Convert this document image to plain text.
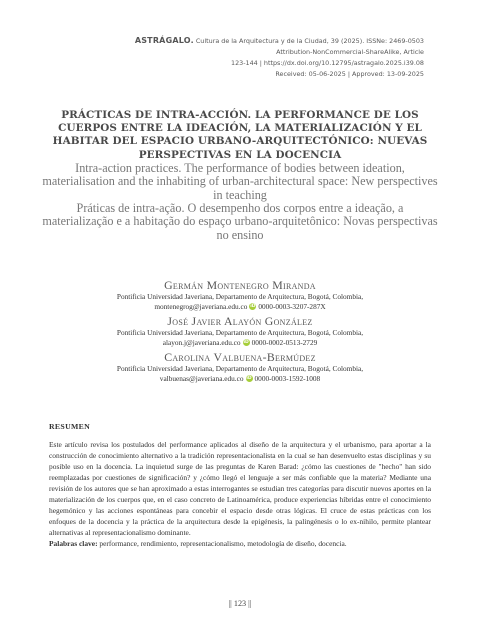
ASTRÁGALO. Cultura de la Arquitectura y de la Ciudad, 39 (2025). ISSNe: 2469-0503
Attribution-NonCommercial-ShareAlike, Article
123-144 | https://dx.doi.org/10.12795/astragalo.2025.i39.08
Received: 05-06-2025 | Approved: 13-09-2025
PRÁCTICAS DE INTRA-ACCIÓN. LA PERFORMANCE DE LOS CUERPOS ENTRE LA IDEACIÓN, LA MATERIALIZACIÓN Y EL HABITAR DEL ESPACIO URBANO-ARQUITECTÓNICO: NUEVAS PERSPECTIVAS EN LA DOCENCIA
Intra-action practices. The performance of bodies between ideation, materialisation and the inhabiting of urban-architectural space: New perspectives in teaching
Práticas de intra-ação. O desempenho dos corpos entre a ideação, a materialização e a habitação do espaço urbano-arquitetônico: Novas perspectivas no ensino
Germán Montenegro Miranda
Pontificia Universidad Javeriana, Departamento de Arquitectura, Bogotá, Colombia,
montenegrog@javeriana.edu.co iD 0000-0003-3207-287X
José Javier Alayón González
Pontificia Universidad Javeriana, Departamento de Arquitectura, Bogotá, Colombia,
alayon.j@javeriana.edu.co iD 0000-0002-0513-2729
Carolina Valbuena-Bermúdez
Pontificia Universidad Javeriana, Departamento de Arquitectura, Bogotá, Colombia,
valbuenas@javeriana.edu.co iD 0000-0003-1592-1008
RESUMEN

Este artículo revisa los postulados del performance aplicados al diseño de la arquitectura y el urbanismo, para aportar a la construcción de conocimiento alternativo a la tradición representacionalista en la cual se han desenvuelto estas disciplinas y su posible uso en la docencia. La inquietud surge de las preguntas de Karen Barad: ¿cómo las cuestiones de "hecho" han sido reemplazadas por cuestiones de significación? y ¿cómo llegó el lenguaje a ser más confiable que la materia? Mediante una revisión de los autores que se han aproximado a estas interrogantes se estudian tres categorías para discutir nuevos aportes en la materialización de los cuerpos que, en el caso concreto de Latinoamérica, produce experiencias híbridas entre el conocimiento hegemónico y las acciones espontáneas para concebir el espacio desde otras lógicas. El cruce de estas prácticas con los enfoques de la docencia y la práctica de la arquitectura desde la epigénesis, la palingénesis o lo ex-nihilo, permite plantear alternativas al representacionalismo dominante.
Palabras clave: performance, rendimiento, representacionalismo, metodología de diseño, docencia.

|| 123 ||
